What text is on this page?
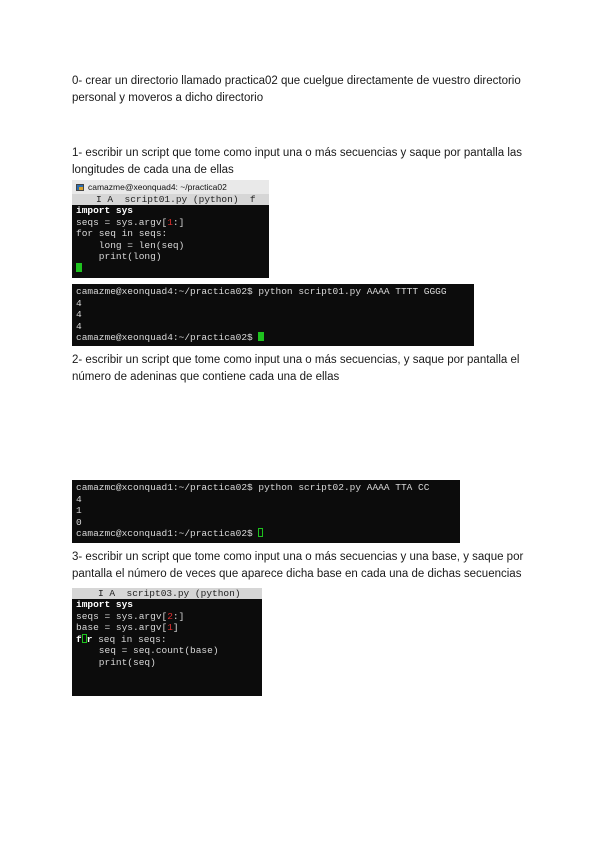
0- crear un directorio llamado practica02 que cuelgue directamente de vuestro directorio personal y moveros a dicho directorio

1- escribir un script que tome como input una o más secuencias y saque por pantalla las longitudes de cada una de ellas

camazme@xeonquad4: ~/practica02
I A  script01.py (python)  f
import sys
seqs = sys.argv[1:]
for seq in seqs:
long = len(seq)
print(long)
camazme@xeonquad4:~/practica02$ python script01.py AAAA TTTT GGGG
4
4
4
camazme@xeonquad4:~/practica02$

2- escribir un script que tome como input una o más secuencias, y saque por pantalla el número de adeninas que contiene cada una de ellas

camazmc@xconquad1:~/practica02$ python script02.py AAAA TTA CC
4
1
0
camazmc@xconquad1:~/practica02$

3- escribir un script que tome como input una o más secuencias y una base, y saque por pantalla el número de veces que aparece dicha base en cada una de dichas secuencias

I A  script03.py (python)
import sys
seqs = sys.argv[2:]
base = sys.argv[1]
f r seq in seqs:
seq = seq.count(base)
print(seq)
